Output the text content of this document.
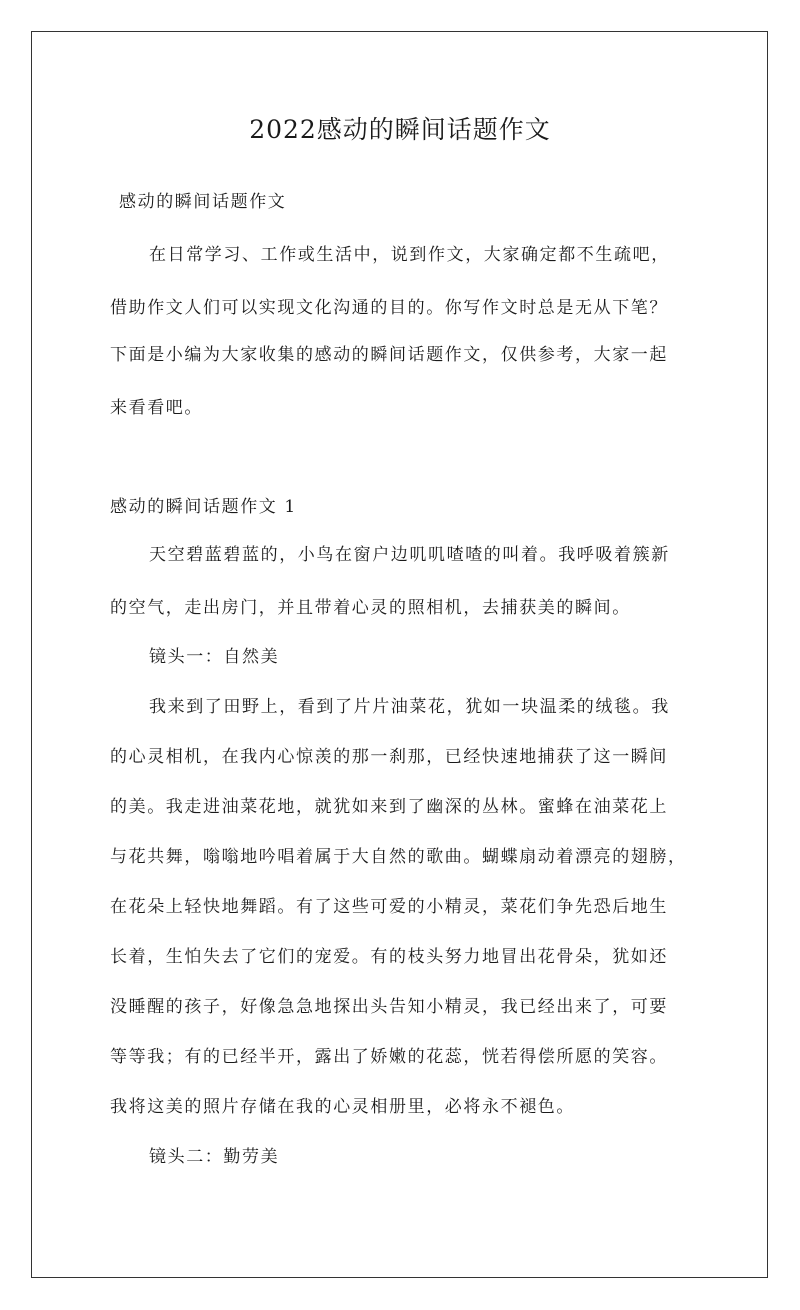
2022感动的瞬间话题作文
感动的瞬间话题作文
在日常学习、工作或生活中，说到作文，大家确定都不生疏吧，
借助作文人们可以实现文化沟通的目的。你写作文时总是无从下笔？
下面是小编为大家收集的感动的瞬间话题作文，仅供参考，大家一起
来看看吧。
感动的瞬间话题作文 1
天空碧蓝碧蓝的，小鸟在窗户边叽叽喳喳的叫着。我呼吸着簇新
的空气，走出房门，并且带着心灵的照相机，去捕获美的瞬间。
镜头一：自然美
我来到了田野上，看到了片片油菜花，犹如一块温柔的绒毯。我
的心灵相机，在我内心惊羡的那一刹那，已经快速地捕获了这一瞬间
的美。我走进油菜花地，就犹如来到了幽深的丛林。蜜蜂在油菜花上
与花共舞，嗡嗡地吟唱着属于大自然的歌曲。蝴蝶扇动着漂亮的翅膀，
在花朵上轻快地舞蹈。有了这些可爱的小精灵，菜花们争先恐后地生
长着，生怕失去了它们的宠爱。有的枝头努力地冒出花骨朵，犹如还
没睡醒的孩子，好像急急地探出头告知小精灵，我已经出来了，可要
等等我；有的已经半开，露出了娇嫩的花蕊，恍若得偿所愿的笑容。
我将这美的照片存储在我的心灵相册里，必将永不褪色。
镜头二：勤劳美
